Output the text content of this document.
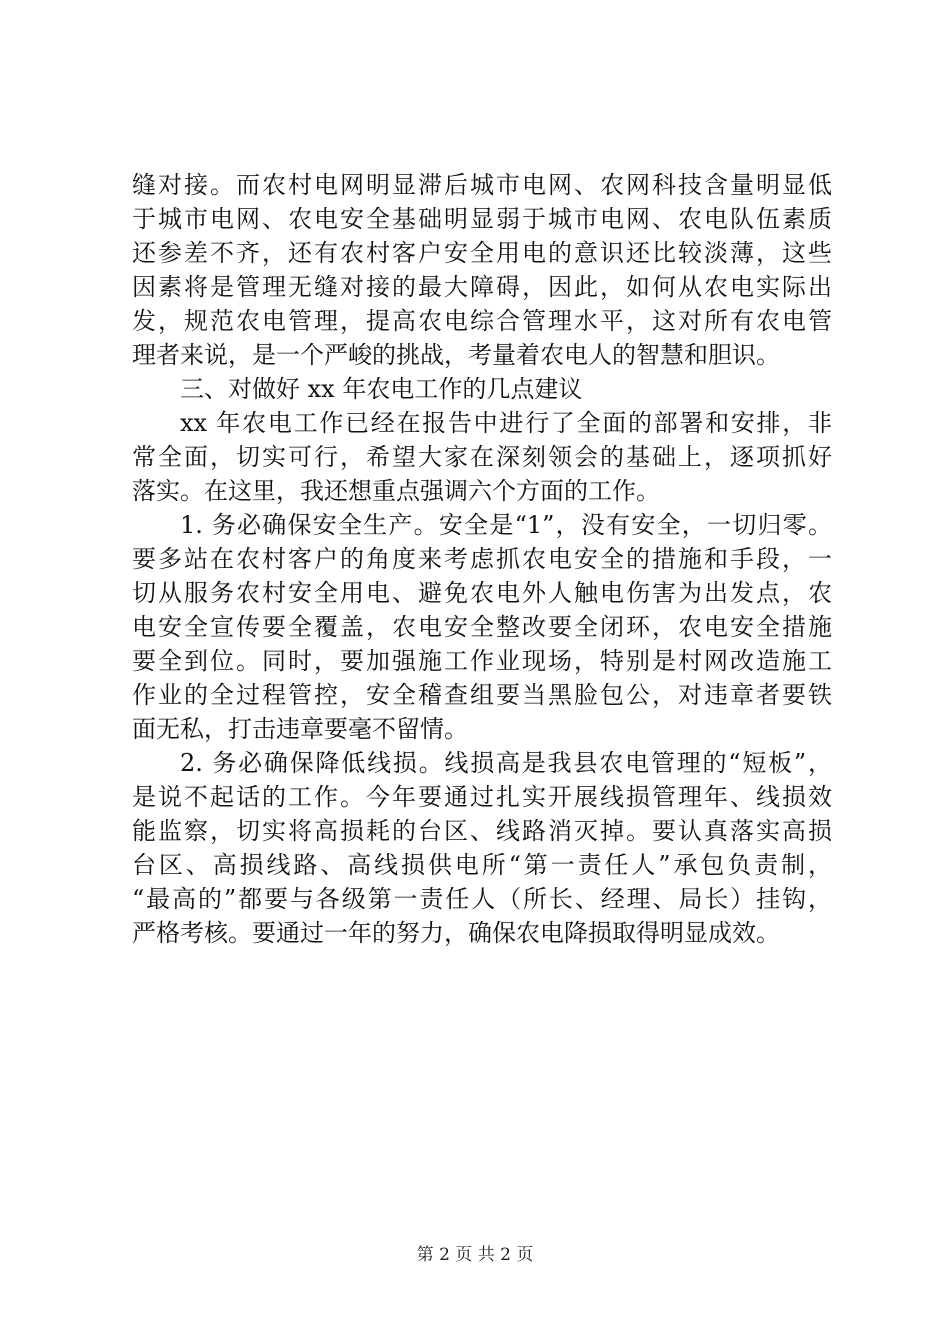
缝对接。而农村电网明显滞后城市电网、农网科技含量明显低
于城市电网、农电安全基础明显弱于城市电网、农电队伍素质
还参差不齐，还有农村客户安全用电的意识还比较淡薄，这些
因素将是管理无缝对接的最大障碍，因此，如何从农电实际出
发，规范农电管理，提高农电综合管理水平，这对所有农电管
理者来说，是一个严峻的挑战，考量着农电人的智慧和胆识。
三、对做好 xx 年农电工作的几点建议
xx 年农电工作已经在报告中进行了全面的部署和安排，非
常全面，切实可行，希望大家在深刻领会的基础上，逐项抓好
落实。在这里，我还想重点强调六个方面的工作。
1. 务必确保安全生产。安全是“1”，没有安全，一切归零。
要多站在农村客户的角度来考虑抓农电安全的措施和手段，一
切从服务农村安全用电、避免农电外人触电伤害为出发点，农
电安全宣传要全覆盖，农电安全整改要全闭环，农电安全措施
要全到位。同时，要加强施工作业现场，特别是村网改造施工
作业的全过程管控，安全稽查组要当黑脸包公，对违章者要铁
面无私，打击违章要毫不留情。
2. 务必确保降低线损。线损高是我县农电管理的“短板”，
是说不起话的工作。今年要通过扎实开展线损管理年、线损效
能监察，切实将高损耗的台区、线路消灭掉。要认真落实高损
台区、高损线路、高线损供电所“第一责任人”承包负责制，
“最高的”都要与各级第一责任人（所长、经理、局长）挂钩，
严格考核。要通过一年的努力，确保农电降损取得明显成效。
第 2 页 共 2 页
